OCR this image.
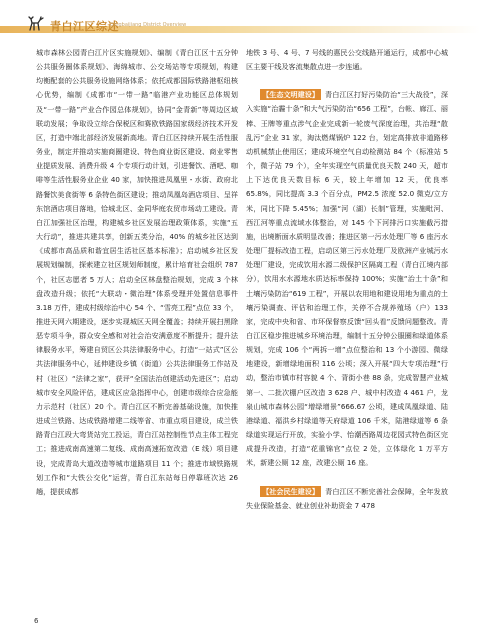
青白江区综述
Qingbaijiang District Overview

城市森林公园青白江片区实施规划》、编制《青白江区十五分钟公共服务圈体系规划》、海绵城市、公交场站等专项规划，构建均衡配套的公共服务设施网络体系；依托成都国际铁路港枢纽核心优势，编制《成都市“一带一路”临港产业功能区总体规划及“一带一路”产业合作园总体规划》，协同“金青新”等周边区域联动发展；争取设立综合保税区和赛欧铁路国家级经济技术开发区，打造中端北部经济发展新高地。青白江区持续开展生活性服务业，制定并推动实施商圈建设、特色商业街区建设、商业零售业提质发展、消费升级 4 个专项行动计划，引进餐饮、酒吧、咖啡等生活性服务业企业 40 家，加快推进凤凰里・水街、政府北路餐饮美食街等 6 条特色街区建设；推动凤凰岛酒店项目、呈祥东馆酒店项目落地，恰城北区、金同华庭农贸市场动工建设。青白江加强社区治理，构建城乡社区发展治理政策体系，实施“五大行动”，推进共建共享，创新五类分治，40% 的城乡社区达到《成都市高品质和谐宜居生活社区基本标准》；启动城乡社区发展规划编制，探索建立社区规划师制度，累计培育社会组织 787 个，社区志愿者 5 万人；启动全区林盘整治规划，完成 3 个林盘改造升级；依托“大联动・微治理”体系受理并处置信息事件 3.18 万件，建成村级综治中心 54 个、“雪亮工程”点位 33 个，推进天网六期建设，逐步实现城区天网全覆盖；持续开展扫黑除恶专项斗争，群众安全感和对社会治安满意度不断提升；提升法律服务水平，筹建自贸区公共法律服务中心，打造“一站式”区公共法律服务中心，延伸建设乡镇（街道）公共法律服务工作站及村（社区）“法律之家”，获评“全国法治创建活动先进区”；启动城市安全风险评估，建成区应急指挥中心，创建市级综合应急能力示范村（社区）20 个。青白江区不断完善基础设施，加快推进成兰铁路、达成铁路增建二线等省、市重点项目建设，成兰铁路青白江段大弯货站完工投运，青白江站控制性节点主体工程完工；推进成南高速第二复线、成南高速拓宽改造（E 线）项目建设，完成青岛大道改造等城市道路项目 11 个；推进市域铁路规划工作和“大铁公交化”运营，青白江东站每日停靠班次达 26 趟，提获成都

地铁 3 号、4 号、7 号线的惠民公交线路开通运行，成都中心城区主要干线及客流集散点进一步连通。

【生态文明建设】 青白江区打好污染防治“三大战役”，深入实施“治霾十条”和大气污染防治“656 工程”，台帐、廊江、丽棒、王牌等重点涉气企业完成新一轮废气深度治理，共治理“散乱污”企业 31 家，淘汰燃煤锅炉 122 台，划定高排放非道路移动机械禁止使用区；建成环境空气自动检测站 84 个（标准站 5 个，微子站 79 个），全年实现空气质量优良天数 240 天，超市上下达优良天数目标 6 天，较上年增加 12 天，优良率 65.8%，同比提高 3.3 个百分点，PM2.5 浓度 52.0 微克/立方米，同比下降 5.45%；加强“河（湖）长制”管理，实施毗河、西江河等重点流域水体整治，对 145 个下河排污口实施截污措施，出境断面水质明显改善；推进区第一污水处理厂等 6 座污水处理厂提标改造工程，启动区第三污水处理厂及欧洲产业城污水处理厂建设，完成饮用水源二级保护区隔离工程（青白江境内部分），饮用水水源地水质达标率保持 100%；实施“治土十条”和土壤污染防治“619 工程”，开展以农用地和建设用地为重点的土壤污染调查、评估和治理工作，关停不合规养殖场（户）133 家，完成中央和省、市环保督察反馈“回头看”反馈问题整改。青白江区稳步推进城乡环境治理，编制十五分钟公服圈和绿道体系规划，完成 106 个“两拆一增”点位整治和 13 个小游园、微绿地建设，新增绿地面积 116 公顷；深入开展“四大专项治理”行动，整治市镇市村容貌 4 个、背街小巷 88 条，完成智慧产业城第一、二批次棚户区改造 3 628 户、城中村改造 4 461 户，龙泉山城市森林公园“增绿增景”666.67 公顷，建成凤凰绿道、陆港绿道、福洪乡村绿道等天府绿道 106 千米，陆港绿道等 6 条绿道实现运行开放，实验小学、怡潮西路周边花园式特色街区完成提升改造，打造“花重锦官”点位 2 处，立体绿化 1 万平方米，新建公厕 12 座，改建公厕 16 座。

【社会民生建设】 青白江区不断完善社会保障，全年发放失业保险基金、就业创业补助资金 7 478

6
